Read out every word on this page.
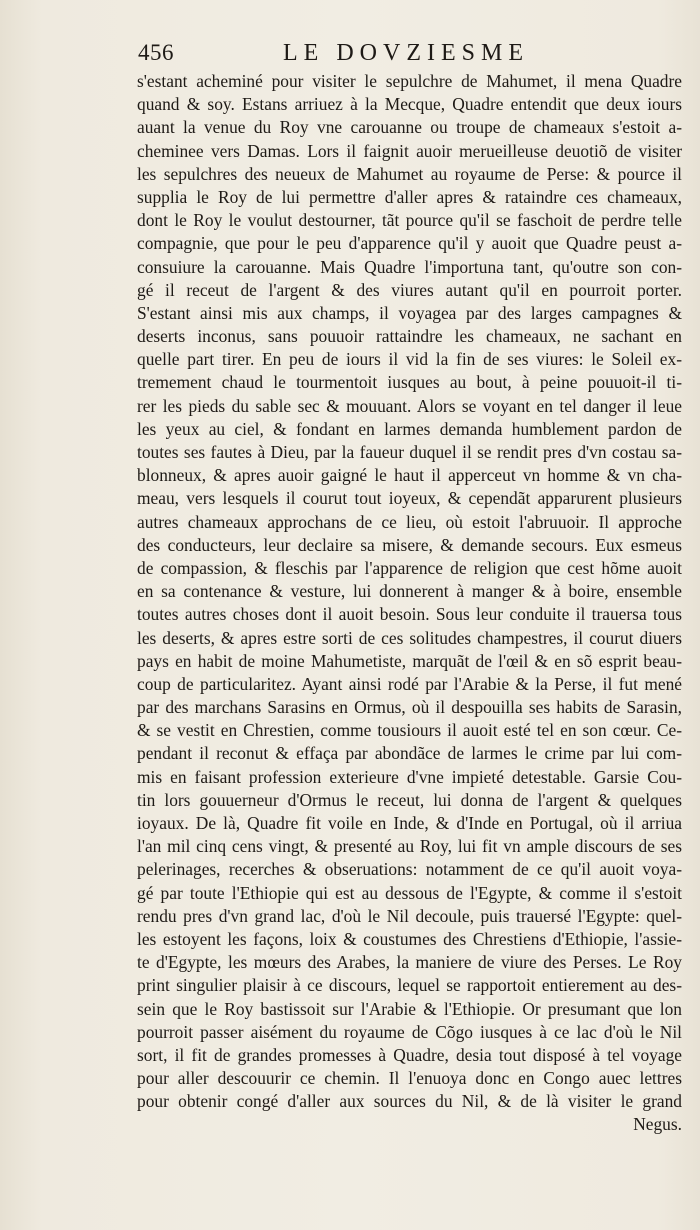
456	LE DOVZIESME
s'estant acheminé pour visiter le sepulchre de Mahumet, il mena Quadre
quand & soy. Estans arriuez à la Mecque, Quadre entendit que deux iours
auant la venue du Roy vne carouanne ou troupe de chameaux s'estoit a-
cheminee vers Damas. Lors il faignit auoir merueilleuse deuotiõ de visiter
les sepulchres des neueux de Mahumet au royaume de Perse: & pource il
supplia le Roy de lui permettre d'aller apres & rataindre ces chameaux,
dont le Roy le voulut destourner, tãt pource qu'il se faschoit de perdre telle
compagnie, que pour le peu d'apparence qu'il y auoit que Quadre peust a-
consuiure la carouanne. Mais Quadre l'importuna tant, qu'outre son con-
gé il receut de l'argent & des viures autant qu'il en pourroit porter.
S'estant ainsi mis aux champs, il voyagea par des larges campagnes &
deserts inconus, sans pouuoir rattaindre les chameaux, ne sachant en
quelle part tirer. En peu de iours il vid la fin de ses viures: le Soleil ex-
tremement chaud le tourmentoit iusques au bout, à peine pouuoit-il ti-
rer les pieds du sable sec & mouuant. Alors se voyant en tel danger il leue
les yeux au ciel, & fondant en larmes demanda humblement pardon de
toutes ses fautes à Dieu, par la faueur duquel il se rendit pres d'vn costau sa-
blonneux, & apres auoir gaigné le haut il apperceut vn homme & vn cha-
meau, vers lesquels il courut tout ioyeux, & cependãt apparurent plusieurs
autres chameaux approchans de ce lieu, où estoit l'abruuoir. Il approche
des conducteurs, leur declaire sa misere, & demande secours. Eux esmeus
de compassion, & fleschis par l'apparence de religion que cest hõme auoit
en sa contenance & vesture, lui donnerent à manger & à boire, ensemble
toutes autres choses dont il auoit besoin. Sous leur conduite il trauersa tous
les deserts, & apres estre sorti de ces solitudes champestres, il courut diuers
pays en habit de moine Mahumetiste, marquãt de l'œil & en sõ esprit beau-
coup de particularitez. Ayant ainsi rodé par l'Arabie & la Perse, il fut mené
par des marchans Sarasins en Ormus, où il despouilla ses habits de Sarasin,
& se vestit en Chrestien, comme tousiours il auoit esté tel en son cœur. Ce-
pendant il reconut & effaça par abondãce de larmes le crime par lui com-
mis en faisant profession exterieure d'vne impieté detestable. Garsie Cou-
tin lors gouuerneur d'Ormus le receut, lui donna de l'argent & quelques
ioyaux. De là, Quadre fit voile en Inde, & d'Inde en Portugal, où il arriua
l'an mil cinq cens vingt, & presenté au Roy, lui fit vn ample discours de ses
pelerinages, recerches & obseruations: notamment de ce qu'il auoit voya-
gé par toute l'Ethiopie qui est au dessous de l'Egypte, & comme il s'estoit
rendu pres d'vn grand lac, d'où le Nil decoule, puis trauersé l'Egypte: quel-
les estoyent les façons, loix & coustumes des Chrestiens d'Ethiopie, l'assie-
te d'Egypte, les mœurs des Arabes, la maniere de viure des Perses. Le Roy
print singulier plaisir à ce discours, lequel se rapportoit entierement au des-
sein que le Roy bastissoit sur l'Arabie & l'Ethiopie. Or presumant que lon
pourroit passer aisément du royaume de Cõgo iusques à ce lac d'où le Nil
sort, il fit de grandes promesses à Quadre, desia tout disposé à tel voyage
pour aller descouurir ce chemin. Il l'enuoya donc en Congo auec lettres
pour obtenir congé d'aller aux sources du Nil, & de là visiter le grand
Negus.
